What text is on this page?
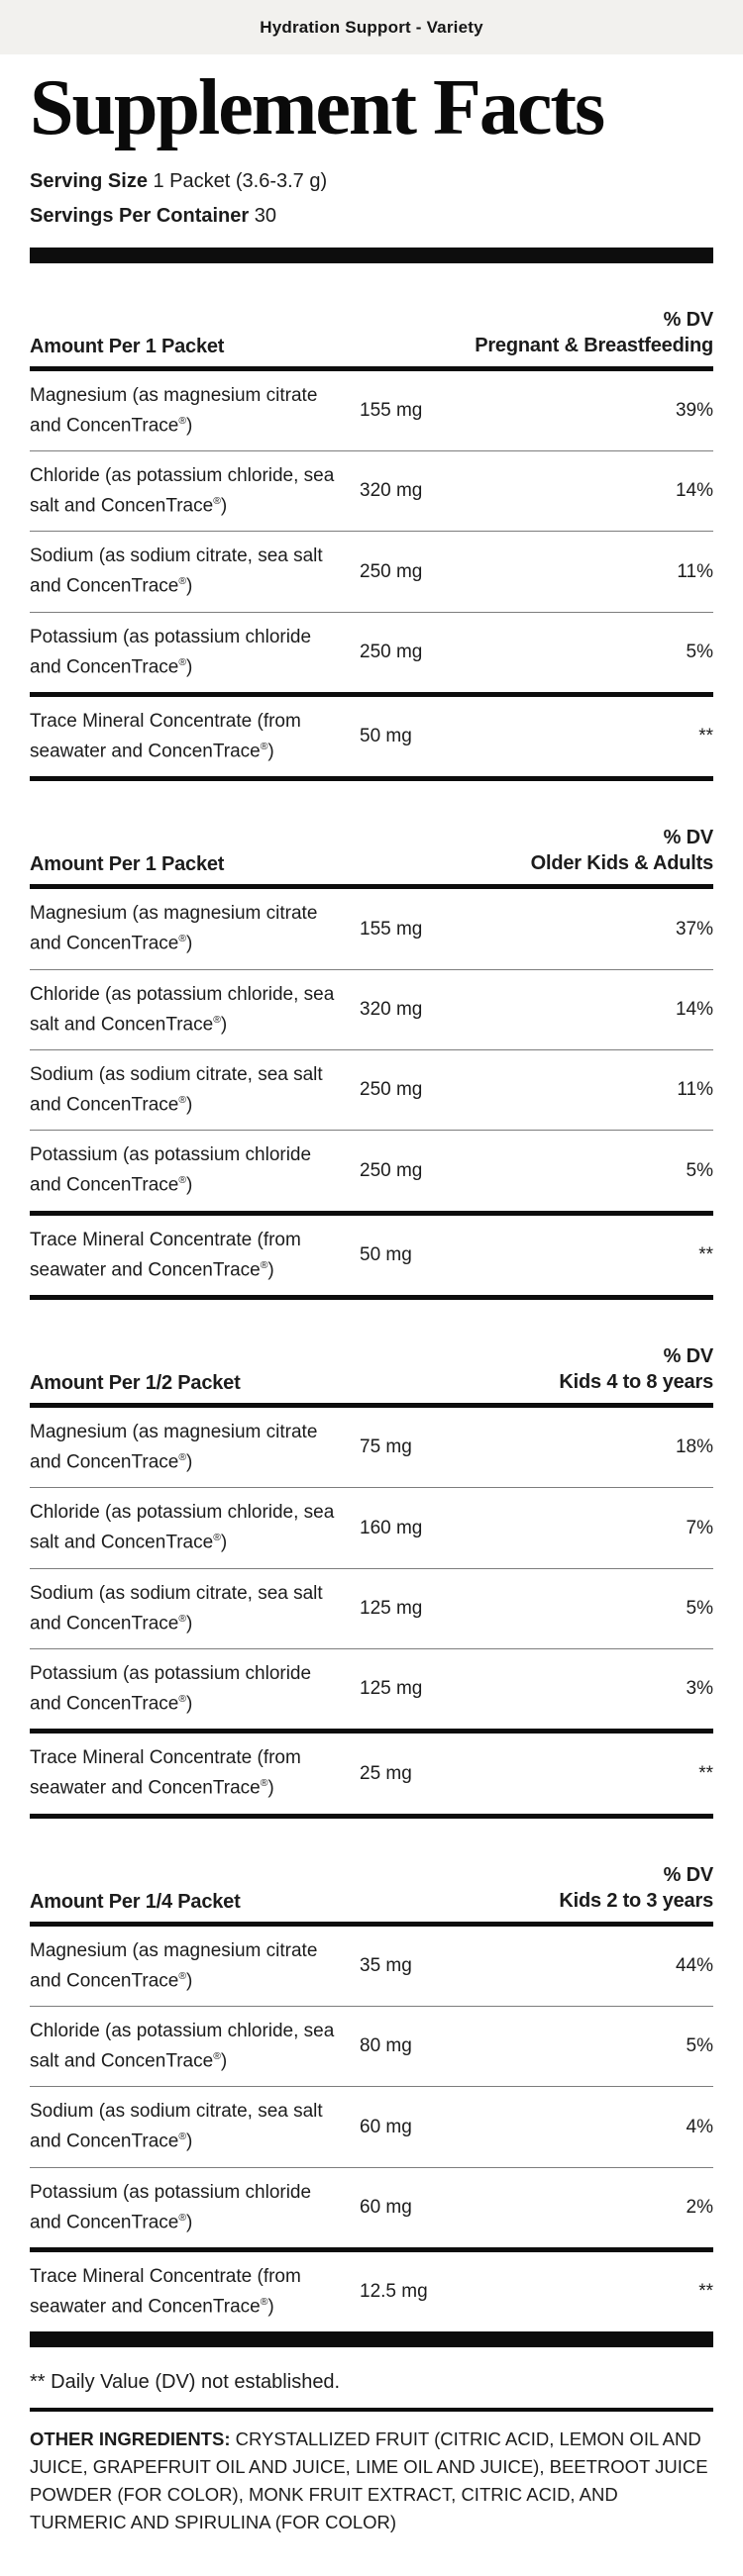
Hydration Support - Variety
Supplement Facts

Serving Size 1 Packet (3.6-3.7 g)

Servings Per Container 30

Amount Per 1 Packet
% DV
Pregnant & Breastfeeding
Magnesium (as magnesium citrate and ConcenTrace®)
155 mg	39%
Chloride (as potassium chloride, sea salt and ConcenTrace®)
320 mg	14%
Sodium (as sodium citrate, sea salt and ConcenTrace®)
250 mg	11%
Potassium (as potassium chloride and ConcenTrace®)
250 mg	5%
Trace Mineral Concentrate (from seawater and ConcenTrace®)
50 mg	**
Amount Per 1 Packet
% DV
Older Kids & Adults
Magnesium (as magnesium citrate and ConcenTrace®)
155 mg	37%
Chloride (as potassium chloride, sea salt and ConcenTrace®)
320 mg	14%
Sodium (as sodium citrate, sea salt and ConcenTrace®)
250 mg	11%
Potassium (as potassium chloride and ConcenTrace®)
250 mg	5%
Trace Mineral Concentrate (from seawater and ConcenTrace®)
50 mg	**
Amount Per 1/2 Packet
% DV
Kids 4 to 8 years
Magnesium (as magnesium citrate and ConcenTrace®)
75 mg	18%
Chloride (as potassium chloride, sea salt and ConcenTrace®)
160 mg	7%
Sodium (as sodium citrate, sea salt and ConcenTrace®)
125 mg	5%
Potassium (as potassium chloride and ConcenTrace®)
125 mg	3%
Trace Mineral Concentrate (from seawater and ConcenTrace®)
25 mg	**
Amount Per 1/4 Packet
% DV
Kids 2 to 3 years
Magnesium (as magnesium citrate and ConcenTrace®)
35 mg	44%
Chloride (as potassium chloride, sea salt and ConcenTrace®)
80 mg	5%
Sodium (as sodium citrate, sea salt and ConcenTrace®)
60 mg	4%
Potassium (as potassium chloride and ConcenTrace®)
60 mg	2%
Trace Mineral Concentrate (from seawater and ConcenTrace®)
12.5 mg	**

** Daily Value (DV) not established.

OTHER INGREDIENTS: CRYSTALLIZED FRUIT (CITRIC ACID, LEMON OIL AND JUICE, GRAPEFRUIT OIL AND JUICE, LIME OIL AND JUICE), BEETROOT JUICE POWDER (FOR COLOR), MONK FRUIT EXTRACT, CITRIC ACID, AND TURMERIC AND SPIRULINA (FOR COLOR)
